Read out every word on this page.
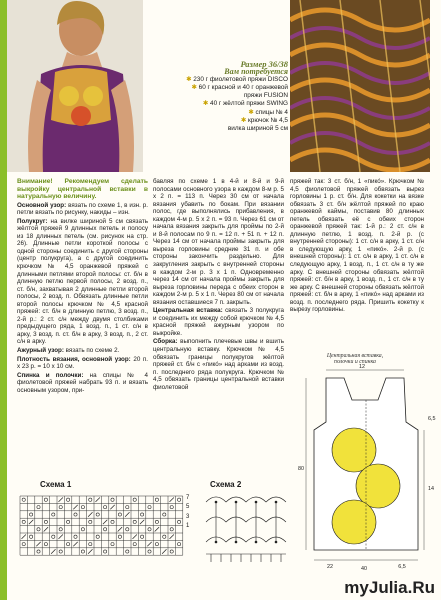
Размер 36/38
Вам потребуется
✱ 230 г фиолетовой пряжи DISCO
✱ 60 г красной и 40 г оранжевой пряжи FUSION
✱ 40 г жёлтой пряжи SWING
✱ спицы № 4
✱ крючок № 4,5
вилка шириной 5 см

Внимание! Рекомендуем сделать выкройку центральной вставки в натуральную величину.

Основной узор: вязать по схеме 1, в изн. р. петли вязать по рисунку, накиды – изн.

Полукруг: на вилке шириной 5 см связать жёлтой пряжей 9 длинных петель и полосу из 18 длинных петель (см. рисунок на стр. 26). Длинные петли короткой полосы с одной стороны соединить с другой стороны (центр полукруга), а с другой соединить крючком № 4,5 оранжевой пряжей с длинными петлями второй полосы: ст. б/н в длинную петлю первой полосы, 2 возд. п., ст. б/н, захватывая 2 длинные петли второй полосы, 2 возд. п. Обвязать длинные петли второй полосы крючком № 4,5 красной пряжей: ст. б/н в длинную петлю, 3 возд. п., 2-й р.: 2 ст. с/н между двумя столбиками предыдущего ряда, 1 возд. п., 1 ст. с/н в арку, 3 возд. п. ст. б/н в арку, 3 возд. п., 2 ст. с/н в арку.

Ажурный узор: вязать по схеме 2.

Плотность вязания, основной узор: 20 п. х 23 р. = 10 х 10 см.

Спинка и полочки: на спицы № 4 фиолетовой пряжей набрать 93 п. и вязать основным узором, при-

бавляя по схеме 1 в 4-й и 8-й и 9-й полосами основного узора в каждом 8-м р. 5 х 2 п. = 113 п. Через 30 см от начала вязания убавить по бокам. При вязании полос, где выполнялись прибавления, в каждом 4-м р. 5 х 2 п. = 93 п. Через 61 см от начала вязания закрыть для проймы по 2-й и 8-й полосам по 9 п. = 12 п. + 51 п. + 12 п. Через 14 см от начала проймы закрыть для выреза горловины средние 31 п. и обе стороны закончить раздельно. Для закругления закрыть с внутренней стороны в каждом 2-м р. 3 х 1 п. Одновременно через 14 см от начала проймы закрыть для выреза горловины переда с обеих сторон в каждом 2-м р. 5 х 1 п. Через 80 см от начала вязания оставшиеся 7 п. закрыть.

Центральная вставка: связать 3 полукруга и соединить их между собой крючком № 4,5 красной пряжей ажурным узором по выкройке.

Сборка: выполнить плечевые швы и вшить центральную вставку. Крючком № 4,5 обвязать границы полукругов жёлтой пряжей ст. б/н с «пикó» над арками из возд. п. последнего ряда полукруга. Крючком № 4,5 обвязать границы центральной вставки фиолетовой

пряжей так: 3 ст. б/н, 1 «пикó». Крючком № 4,5 фиолетовой пряжей обвязать вырез горловины 1 р. ст. б/н. Для кокетки на вязке обвязать 3 ст. б/н жёлтой пряжей по краю оранжевой каймы, поставив 80 длинных петель обвязать её с обеих сторон оранжевой пряжей так: 1-й р.: 2 ст. с/н в длинную петлю, 1 возд. п. 2-й р. (с внутренней стороны): 1 ст. с/н в арку, 1 ст. с/н в следующую арку, 1 «пикó». 2-й р. (с внешней стороны): 1 ст. с/н в арку, 1 ст. с/н в следующую арку, 1 возд. п., 1 ст. с/н в ту же арку. С внешней стороны обвязать жёлтой пряжей: ст. б/н в арку, 1 возд. п., 1 ст. с/н в ту же арку. С внешней стороны обвязать жёлтой пряжей: ст. б/н в арку, 1 «пикó» над арками из возд. п. последнего ряда. Пришить кокетку к вырезу горловины.

Схема 1
7
5
3
1
Схема 2
Центральная вставка, полочки и спинка
40
22	6,5
12
14
80
6,5
myJulia.Ru
